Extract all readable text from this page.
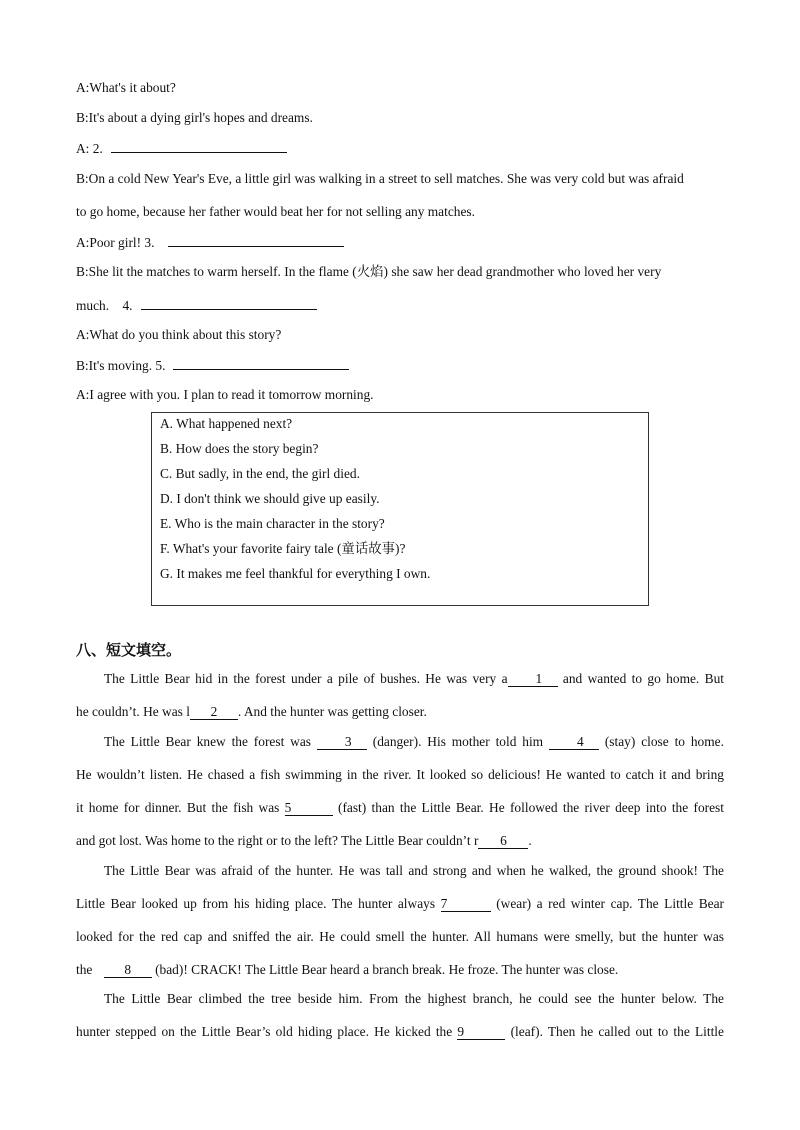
A:What's it about?
B:It's about a dying girl's hopes and dreams.
A: 2.
B:On a cold New Year's Eve, a little girl was walking in a street to sell matches. She was very cold but was afraid
to go home, because her father would beat her for not selling any matches.
A:Poor girl! 3.
B:She lit the matches to warm herself. In the flame (火焰) she saw her dead grandmother who loved her very
much.    4.
A:What do you think about this story?
B:It's moving. 5.
A:I agree with you. I plan to read it tomorrow morning.
A. What happened next?
B. How does the story begin?
C. But sadly, in the end, the girl died.
D. I don't think we should give up easily.
E. Who is the main character in the story?
F. What's your favorite fairy tale (童话故事)?
G. It makes me feel thankful for everything I own.
八、短文填空。
The Little Bear hid in the forest under a pile of bushes. He was very a 1 and wanted to go home. But
he couldn’t. He was l 2 . And the hunter was getting closer.
The Little Bear knew the forest was	3 (danger). His mother told him	4 (stay) close to home.
He wouldn’t listen. He chased a fish swimming in the river. It looked so delicious! He wanted to catch it and bring
it home for dinner. But the fish was 5	(fast) than the Little Bear. He followed the river deep into the forest
and got lost. Was home to the right or to the left? The Little Bear couldn’t r 6 .
The Little Bear was afraid of the hunter. He was tall and strong and when he walked, the ground shook! The
Little Bear looked up from his hiding place. The hunter always 7	(wear) a red winter cap. The Little Bear
looked for the red cap and sniffed the air. He could smell the hunter. All humans were smelly, but the hunter was
the 8 (bad)! CRACK! The Little Bear heard a branch break. He froze. The hunter was close.
The Little Bear climbed the tree beside him. From the highest branch, he could see the hunter below. The
hunter stepped on the Little Bear’s old hiding place. He kicked the 9	(leaf). Then he called out to the Little
